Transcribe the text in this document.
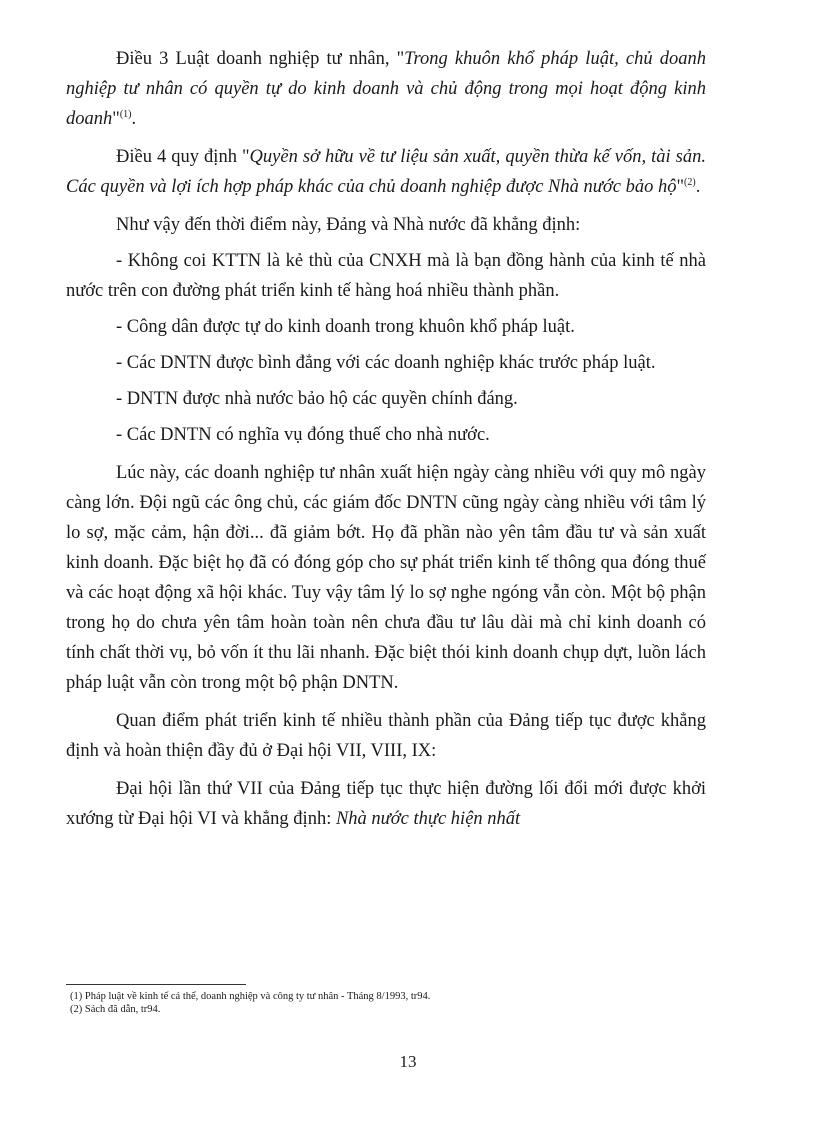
Điều 3 Luật doanh nghiệp tư nhân, "Trong khuôn khổ pháp luật, chủ doanh nghiệp tư nhân có quyền tự do kinh doanh và chủ động trong mọi hoạt động kinh doanh"$^{(1)}$.

Điều 4 quy định "Quyền sở hữu về tư liệu sản xuất, quyền thừa kế vốn, tài sản. Các quyền và lợi ích hợp pháp khác của chủ doanh nghiệp được Nhà nước bảo hộ"$^{(2)}$.

Như vậy đến thời điểm này, Đảng và Nhà nước đã khẳng định:

- Không coi KTTN là kẻ thù của CNXH mà là bạn đồng hành của kinh tế nhà nước trên con đường phát triển kinh tế hàng hoá nhiều thành phần.

- Công dân được tự do kinh doanh trong khuôn khổ pháp luật.

- Các DNTN được bình đẳng với các doanh nghiệp khác trước pháp luật.

- DNTN được nhà nước bảo hộ các quyền chính đáng.

- Các DNTN có nghĩa vụ đóng thuế cho nhà nước.

Lúc này, các doanh nghiệp tư nhân xuất hiện ngày càng nhiều với quy mô ngày càng lớn. Đội ngũ các ông chủ, các giám đốc DNTN cũng ngày càng nhiều với tâm lý lo sợ, mặc cảm, hận đời... đã giảm bớt. Họ đã phần nào yên tâm đầu tư và sản xuất kinh doanh. Đặc biệt họ đã có đóng góp cho sự phát triển kinh tế thông qua đóng thuế và các hoạt động xã hội khác. Tuy vậy tâm lý lo sợ nghe ngóng vẫn còn. Một bộ phận trong họ do chưa yên tâm hoàn toàn nên chưa đầu tư lâu dài mà chỉ kinh doanh có tính chất thời vụ, bỏ vốn ít thu lãi nhanh. Đặc biệt thói kinh doanh chụp dựt, luồn lách pháp luật vẫn còn trong một bộ phận DNTN.

Quan điểm phát triển kinh tế nhiều thành phần của Đảng tiếp tục được khẳng định và hoàn thiện đầy đủ ở Đại hội VII, VIII, IX:

Đại hội lần thứ VII của Đảng tiếp tục thực hiện đường lối đổi mới được khởi xướng từ Đại hội VI và khẳng định: Nhà nước thực hiện nhất

(1) Pháp luật về kinh tế cá thể, doanh nghiệp và công ty tư nhân - Tháng 8/1993, tr94.
(2) Sách đã dẫn, tr94.
13
